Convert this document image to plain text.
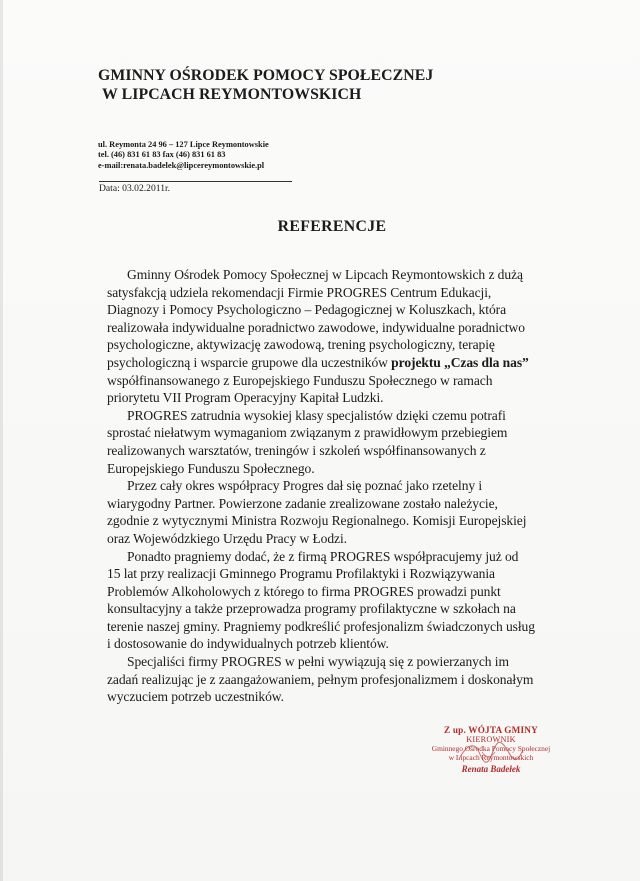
GMINNY OŚRODEK POMOCY SPOŁECZNEJ
W LIPCACH REYMONTOWSKICH
ul. Reymonta 24 96 – 127 Lipce Reymontowskie
tel. (46) 831 61 83 fax (46) 831 61 83
e-mail:renata.badelek@lipcereymontowskie.pl
Data: 03.02.2011r.
REFERENCJE
Gminny Ośrodek Pomocy Społecznej w Lipcach Reymontowskich z dużą
satysfakcją udziela rekomendacji Firmie PROGRES Centrum Edukacji,
Diagnozy i Pomocy Psychologiczno – Pedagogicznej w Koluszkach, która
realizowała indywidualne poradnictwo zawodowe, indywidualne poradnictwo
psychologiczne, aktywizację zawodową, trening psychologiczny, terapię
psychologiczną i wsparcie grupowe dla uczestników projektu „Czas dla nas”
współfinansowanego z Europejskiego Funduszu Społecznego w ramach
priorytetu VII Program Operacyjny Kapitał Ludzki.
PROGRES zatrudnia wysokiej klasy specjalistów dzięki czemu potrafi
sprostać niełatwym wymaganiom związanym z prawidłowym przebiegiem
realizowanych warsztatów, treningów i szkoleń współfinansowanych z
Europejskiego Funduszu Społecznego.
Przez cały okres współpracy Progres dał się poznać jako rzetelny i
wiarygodny Partner. Powierzone zadanie zrealizowane zostało należycie,
zgodnie z wytycznymi Ministra Rozwoju Regionalnego. Komisji Europejskiej
oraz Wojewódzkiego Urzędu Pracy w Łodzi.
Ponadto pragniemy dodać, że z firmą PROGRES współpracujemy już od
15 lat przy realizacji Gminnego Programu Profilaktyki i Rozwiązywania
Problemów Alkoholowych z którego to firma PROGRES prowadzi punkt
konsultacyjny a także przeprowadza programy profilaktyczne w szkołach na
terenie naszej gminy. Pragniemy podkreślić profesjonalizm świadczonych usług
i dostosowanie do indywidualnych potrzeb klientów.
Specjaliści firmy PROGRES w pełni wywiązują się z powierzanych im
zadań realizując je z zaangażowaniem, pełnym profesjonalizmem i doskonałym
wyczuciem potrzeb uczestników.
Z up. WÓJTA GMINY
KIEROWNIK
Gminnego Ośrodka Pomocy Społecznej
w Lipcach Reymontowskich
Renata Badełek
